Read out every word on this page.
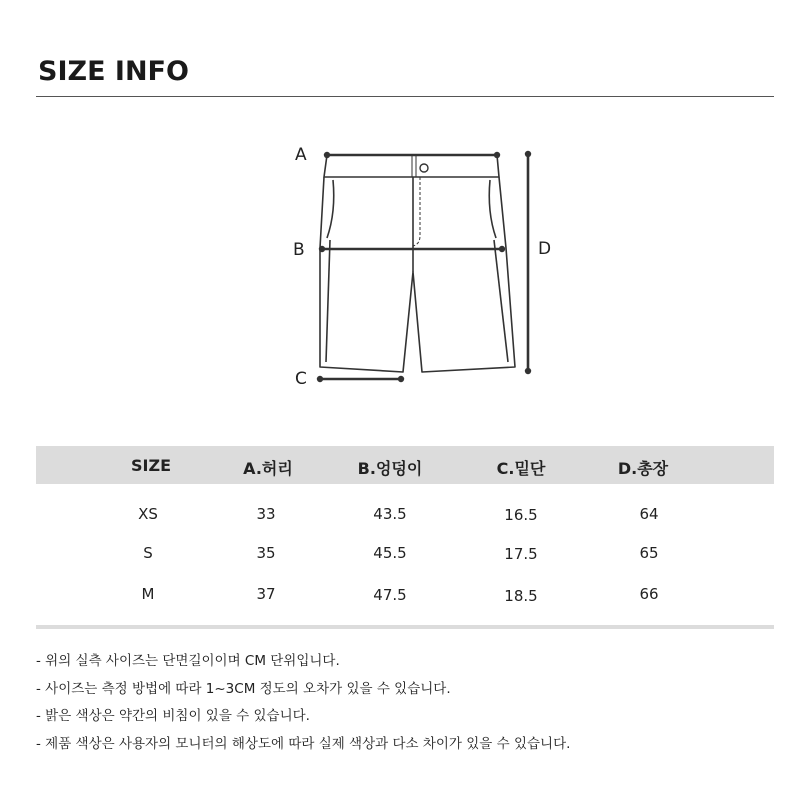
SIZE INFO
A
B
C
D
SIZE	A.허리	B.엉덩이	C.밑단	D.총장
XS	33	43.5	16.5	64
S	35	45.5	17.5	65
M	37	47.5	18.5	66
- 위의 실측 사이즈는 단면길이이며 CM 단위입니다.
- 사이즈는 측정 방법에 따라 1~3CM 정도의 오차가 있을 수 있습니다.
- 밝은 색상은 약간의 비침이 있을 수 있습니다.
- 제품 색상은 사용자의 모니터의 해상도에 따라 실제 색상과 다소 차이가 있을 수 있습니다.
